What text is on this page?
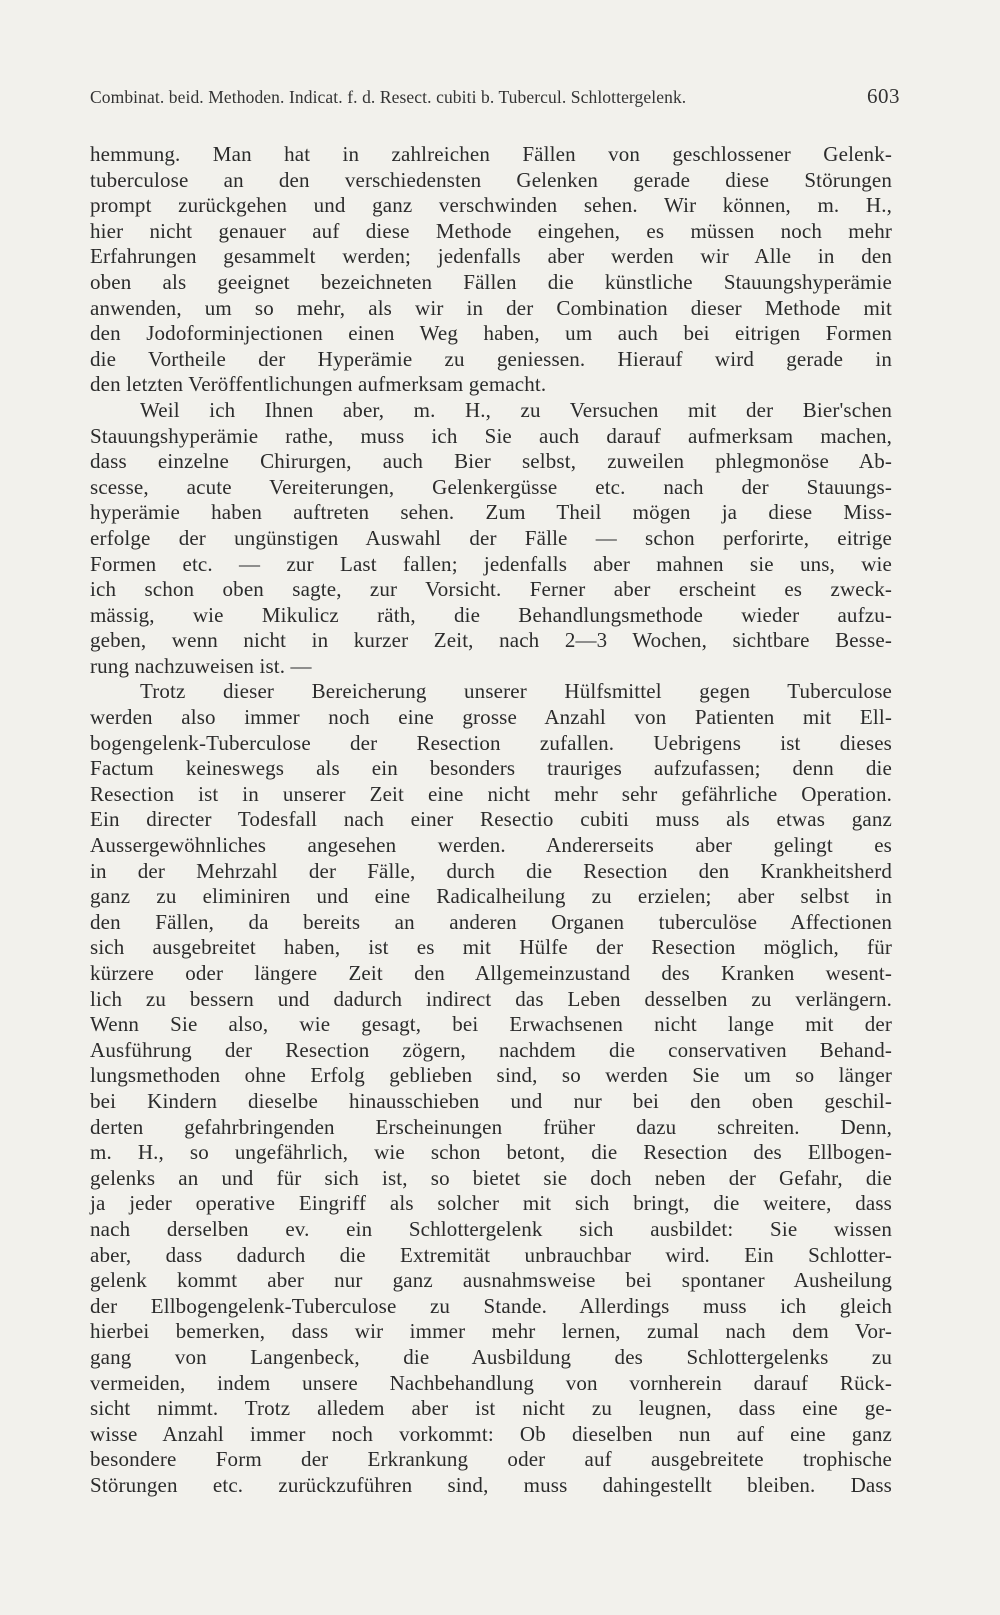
Combinat. beid. Methoden. Indicat. f. d. Resect. cubiti b. Tubercul. Schlottergelenk.	603
hemmung. Man hat in zahlreichen Fällen von geschlossener Gelenk-
tuberculose an den verschiedensten Gelenken gerade diese Störungen
prompt zurückgehen und ganz verschwinden sehen. Wir können, m. H.,
hier nicht genauer auf diese Methode eingehen, es müssen noch mehr
Erfahrungen gesammelt werden; jedenfalls aber werden wir Alle in den
oben als geeignet bezeichneten Fällen die künstliche Stauungshyperämie
anwenden, um so mehr, als wir in der Combination dieser Methode mit
den Jodoforminjectionen einen Weg haben, um auch bei eitrigen Formen
die Vortheile der Hyperämie zu geniessen. Hierauf wird gerade in
den letzten Veröffentlichungen aufmerksam gemacht.
Weil ich Ihnen aber, m. H., zu Versuchen mit der Bier'schen
Stauungshyperämie rathe, muss ich Sie auch darauf aufmerksam machen,
dass einzelne Chirurgen, auch Bier selbst, zuweilen phlegmonöse Ab-
scesse, acute Vereiterungen, Gelenkergüsse etc. nach der Stauungs-
hyperämie haben auftreten sehen. Zum Theil mögen ja diese Miss-
erfolge der ungünstigen Auswahl der Fälle — schon perforirte, eitrige
Formen etc. — zur Last fallen; jedenfalls aber mahnen sie uns, wie
ich schon oben sagte, zur Vorsicht. Ferner aber erscheint es zweck-
mässig, wie Mikulicz räth, die Behandlungsmethode wieder aufzu-
geben, wenn nicht in kurzer Zeit, nach 2—3 Wochen, sichtbare Besse-
rung nachzuweisen ist. —
Trotz dieser Bereicherung unserer Hülfsmittel gegen Tuberculose
werden also immer noch eine grosse Anzahl von Patienten mit Ell-
bogengelenk-Tuberculose der Resection zufallen. Uebrigens ist dieses
Factum keineswegs als ein besonders trauriges aufzufassen; denn die
Resection ist in unserer Zeit eine nicht mehr sehr gefährliche Operation.
Ein directer Todesfall nach einer Resectio cubiti muss als etwas ganz
Aussergewöhnliches angesehen werden. Andererseits aber gelingt es
in der Mehrzahl der Fälle, durch die Resection den Krankheitsherd
ganz zu eliminiren und eine Radicalheilung zu erzielen; aber selbst in
den Fällen, da bereits an anderen Organen tuberculöse Affectionen
sich ausgebreitet haben, ist es mit Hülfe der Resection möglich, für
kürzere oder längere Zeit den Allgemeinzustand des Kranken wesent-
lich zu bessern und dadurch indirect das Leben desselben zu verlängern.
Wenn Sie also, wie gesagt, bei Erwachsenen nicht lange mit der
Ausführung der Resection zögern, nachdem die conservativen Behand-
lungsmethoden ohne Erfolg geblieben sind, so werden Sie um so länger
bei Kindern dieselbe hinausschieben und nur bei den oben geschil-
derten gefahrbringenden Erscheinungen früher dazu schreiten. Denn,
m. H., so ungefährlich, wie schon betont, die Resection des Ellbogen-
gelenks an und für sich ist, so bietet sie doch neben der Gefahr, die
ja jeder operative Eingriff als solcher mit sich bringt, die weitere, dass
nach derselben ev. ein Schlottergelenk sich ausbildet: Sie wissen
aber, dass dadurch die Extremität unbrauchbar wird. Ein Schlotter-
gelenk kommt aber nur ganz ausnahmsweise bei spontaner Ausheilung
der Ellbogengelenk-Tuberculose zu Stande. Allerdings muss ich gleich
hierbei bemerken, dass wir immer mehr lernen, zumal nach dem Vor-
gang von Langenbeck, die Ausbildung des Schlottergelenks zu
vermeiden, indem unsere Nachbehandlung von vornherein darauf Rück-
sicht nimmt. Trotz alledem aber ist nicht zu leugnen, dass eine ge-
wisse Anzahl immer noch vorkommt: Ob dieselben nun auf eine ganz
besondere Form der Erkrankung oder auf ausgebreitete trophische
Störungen etc. zurückzuführen sind, muss dahingestellt bleiben. Dass
